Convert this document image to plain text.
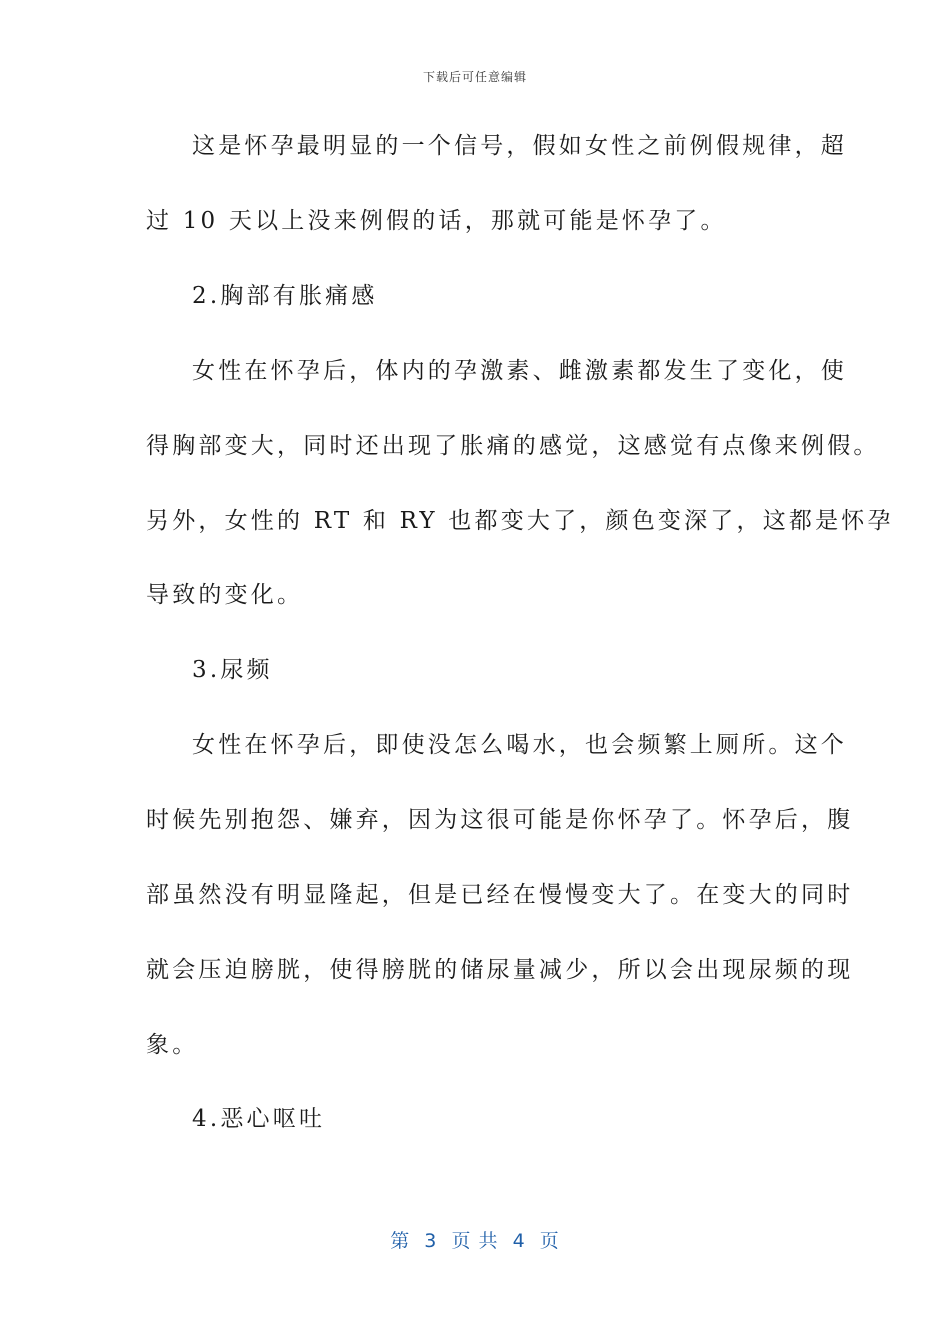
下载后可任意编辑
这是怀孕最明显的一个信号，假如女性之前例假规律，超
过 10 天以上没来例假的话，那就可能是怀孕了。
2.胸部有胀痛感
女性在怀孕后，体内的孕激素、雌激素都发生了变化，使
得胸部变大，同时还出现了胀痛的感觉，这感觉有点像来例假。
另外，女性的 RT 和 RY 也都变大了，颜色变深了，这都是怀孕
导致的变化。
3.尿频
女性在怀孕后，即使没怎么喝水，也会频繁上厕所。这个
时候先别抱怨、嫌弃，因为这很可能是你怀孕了。怀孕后，腹
部虽然没有明显隆起，但是已经在慢慢变大了。在变大的同时
就会压迫膀胱，使得膀胱的储尿量减少，所以会出现尿频的现
象。
4.恶心呕吐
第  3  页 共  4  页
